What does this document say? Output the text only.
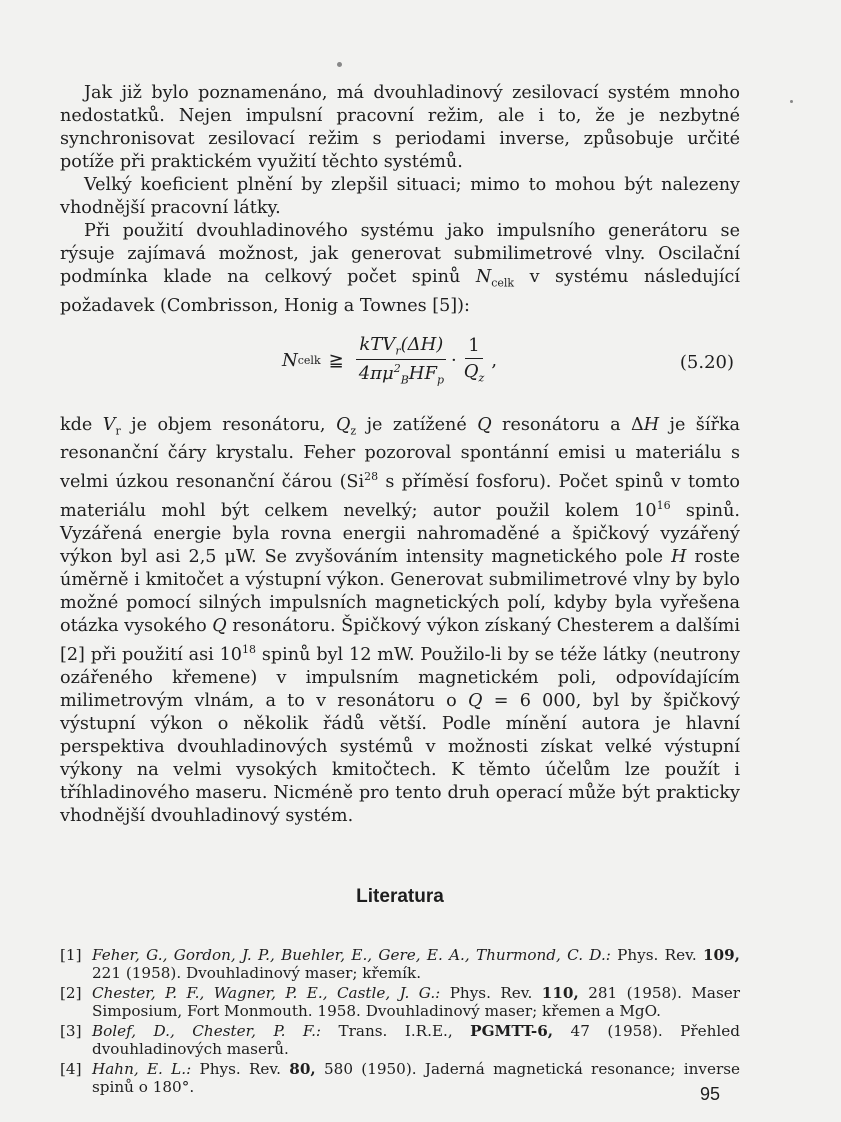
Jak již bylo poznamenáno, má dvouhladinový zesilovací systém mnoho nedostatků. Nejen impulsní pracovní režim, ale i to, že je nezbytné synchronisovat zesilovací režim s periodami inverse, způsobuje určité potíže při praktickém využití těchto systémů.

Velký koeficient plnění by zlepšil situaci; mimo to mohou být nalezeny vhodnější pracovní látky.

Při použití dvouhladinového systému jako impulsního generátoru se rýsuje zajímavá možnost, jak generovat submilimetrové vlny. Oscilační podmínka klade na celkový počet spinů $N_{celk}$ v systému následující požadavek (Combrisson, Honig a Townes [5]):

N celk ≧ $\frac{kTV_r(\Delta H)}{4\pi\mu^2_BHF_p} \cdot \frac{1}{Q_z}$ ,	(5.20)

kde $V_r$ je objem resonátoru, $Q_z$ je zatížené Q resonátoru a ΔH je šířka resonanční čáry krystalu. Feher pozoroval spontánní emisi u materiálu s velmi úzkou resonanční čárou (Si$^{28}$ s příměsí fosforu). Počet spinů v tomto materiálu mohl být celkem nevelký; autor použil kolem $10^{16}$ spinů. Vyzářená energie byla rovna energii nahromaděné a špičkový vyzářený výkon byl asi 2,5 μW. Se zvyšováním intensity magnetického pole H roste úměrně i kmitočet a výstupní výkon. Generovat submilimetrové vlny by bylo možné pomocí silných impulsních magnetických polí, kdyby byla vyřešena otázka vysokého Q resonátoru. Špičkový výkon získaný Chesterem a dalšími [2] při použití asi $10^{18}$ spinů byl 12 mW. Použilo-li by se téže látky (neutrony ozářeného křemene) v impulsním magnetickém poli, odpovídajícím milimetrovým vlnám, a to v resonátoru o Q = 6 000, byl by špičkový výstupní výkon o několik řádů větší. Podle mínění autora je hlavní perspektiva dvouhladinových systémů v možnosti získat velké výstupní výkony na velmi vysokých kmitočtech. K těmto účelům lze použít i tříhladinového maseru. Nicméně pro tento druh operací může být prakticky vhodnější dvouhladinový systém.

Literatura
[1] Feher, G., Gordon, J. P., Buehler, E., Gere, E. A., Thurmond, C. D.: Phys. Rev. 109, 221 (1958). Dvouhladinový maser; křemík.
[2] Chester, P. F., Wagner, P. E., Castle, J. G.: Phys. Rev. 110, 281 (1958). Maser Simposium, Fort Monmouth. 1958. Dvouhladinový maser; křemen a MgO.
[3] Bolef, D., Chester, P. F.: Trans. I.R.E., PGMTT-6, 47 (1958). Přehled dvouhladinových maserů.
[4] Hahn, E. L.: Phys. Rev. 80, 580 (1950). Jaderná magnetická resonance; inverse spinů o 180°.	95
